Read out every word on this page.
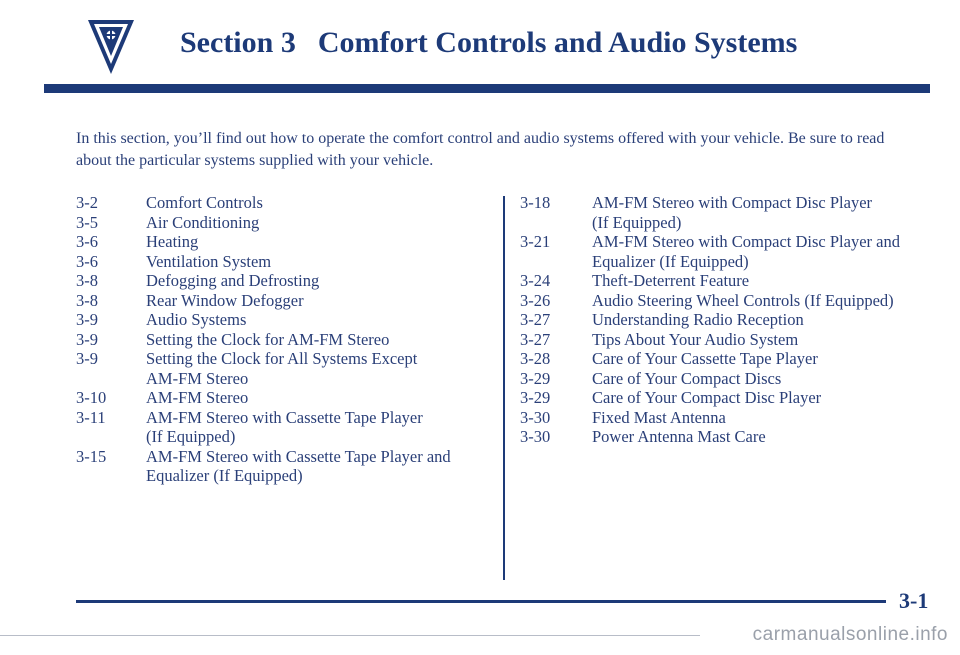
Section 3 Comfort Controls and Audio Systems

In this section, you’ll find out how to operate the comfort control and audio systems offered with your vehicle. Be sure to read about the particular systems supplied with your vehicle.

3-2	Comfort Controls
3-5	Air Conditioning
3-6	Heating
3-6	Ventilation System
3-8	Defogging and Defrosting
3-8	Rear Window Defogger
3-9	Audio Systems
3-9	Setting the Clock for AM-FM Stereo
3-9	Setting the Clock for All Systems Except
AM-FM Stereo
3-10	AM-FM Stereo
3-11	AM-FM Stereo with Cassette Tape Player
(If Equipped)
3-15	AM-FM Stereo with Cassette Tape Player and
Equalizer (If Equipped)
3-18	AM-FM Stereo with Compact Disc Player
(If Equipped)
3-21	AM-FM Stereo with Compact Disc Player and
Equalizer (If Equipped)
3-24	Theft-Deterrent Feature
3-26	Audio Steering Wheel Controls (If Equipped)
3-27	Understanding Radio Reception
3-27	Tips About Your Audio System
3-28	Care of Your Cassette Tape Player
3-29	Care of Your Compact Discs
3-29	Care of Your Compact Disc Player
3-30	Fixed Mast Antenna
3-30	Power Antenna Mast Care

3-1

carmanualsonline.info
